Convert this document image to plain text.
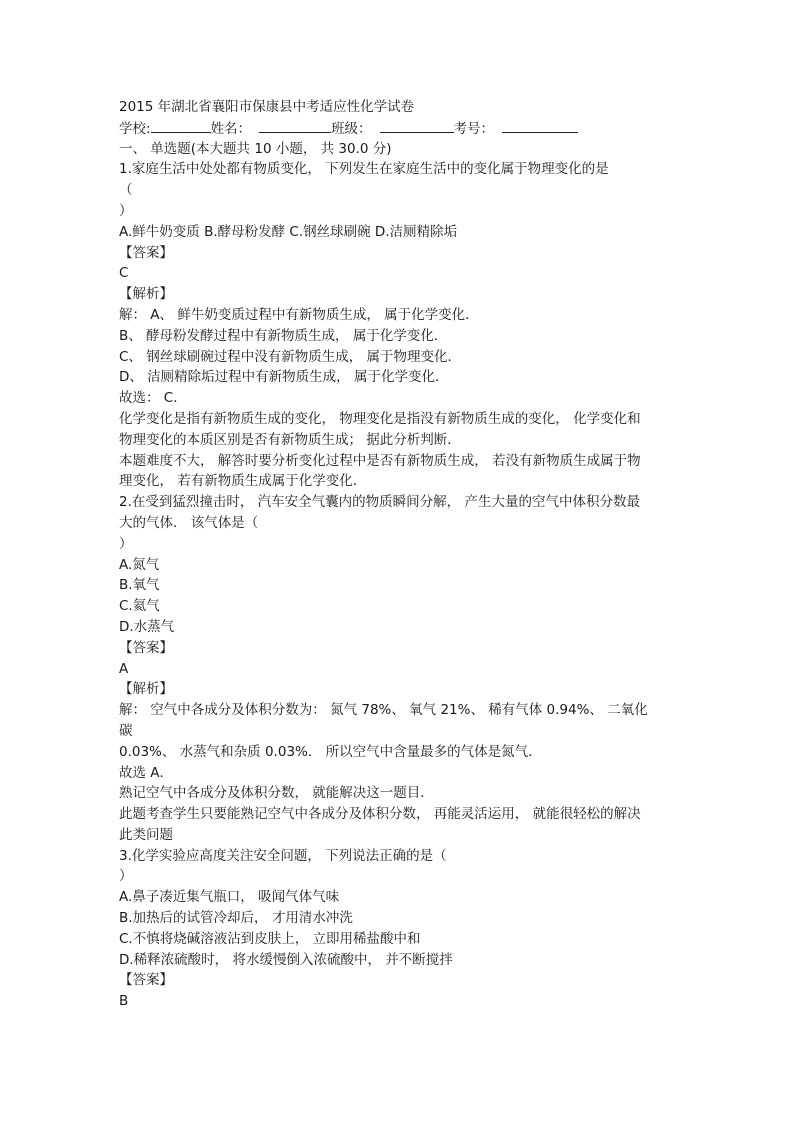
2015 年湖北省襄阳市保康县中考适应性化学试卷
学校:	姓名：	班级：	考号：
一、 单选题(本大题共 10 小题， 共 30.0 分)
1.家庭生活中处处都有物质变化， 下列发生在家庭生活中的变化属于物理变化的是
（
）
A.鲜牛奶变质 B.酵母粉发酵 C.钢丝球刷碗 D.洁厕精除垢
【答案】
C
【解析】
解： A、 鲜牛奶变质过程中有新物质生成， 属于化学变化．
B、 酵母粉发酵过程中有新物质生成， 属于化学变化．
C、 钢丝球刷碗过程中没有新物质生成， 属于物理变化．
D、 洁厕精除垢过程中有新物质生成， 属于化学变化．
故选： C．
化学变化是指有新物质生成的变化， 物理变化是指没有新物质生成的变化， 化学变化和
物理变化的本质区别是否有新物质生成； 据此分析判断．
本题难度不大， 解答时要分析变化过程中是否有新物质生成， 若没有新物质生成属于物
理变化， 若有新物质生成属于化学变化．
2.在受到猛烈撞击时， 汽车安全气囊内的物质瞬间分解， 产生大量的空气中体积分数最
大的气体． 该气体是（
）
A.氮气
B.氧气
C.氦气
D.水蒸气
【答案】
A
【解析】
解： 空气中各成分及体积分数为： 氮气 78%、 氧气 21%、 稀有气体 0.94%、 二氧化
碳
0.03%、 水蒸气和杂质 0.03%． 所以空气中含量最多的气体是氮气．
故选 A．
熟记空气中各成分及体积分数， 就能解决这一题目．
此题考查学生只要能熟记空气中各成分及体积分数， 再能灵活运用， 就能很轻松的解决
此类问题
3.化学实验应高度关注安全问题， 下列说法正确的是（
）
A.鼻子凑近集气瓶口， 吸闻气体气味
B.加热后的试管冷却后， 才用清水冲洗
C.不慎将烧碱溶液沾到皮肤上， 立即用稀盐酸中和
D.稀释浓硫酸时， 将水缓慢倒入浓硫酸中， 并不断搅拌
【答案】
B
